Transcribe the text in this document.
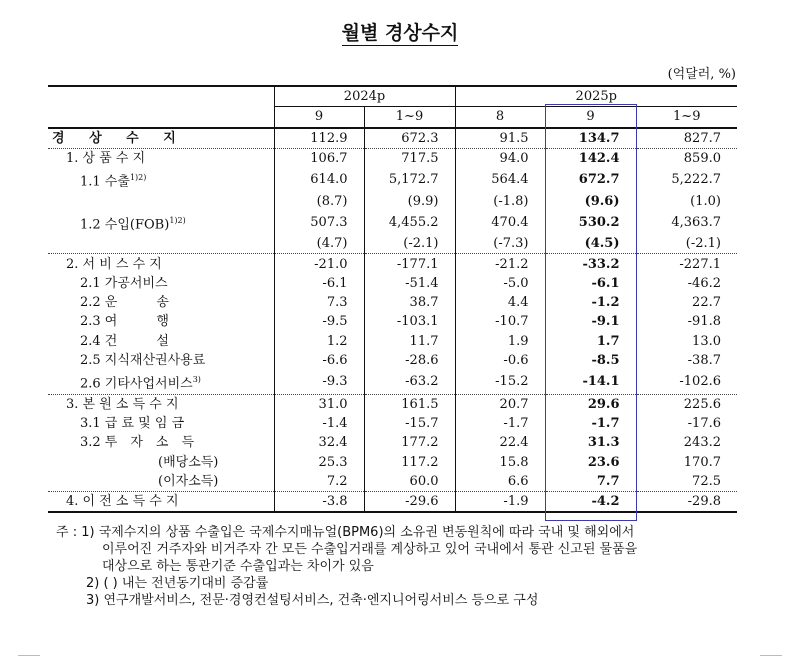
월별 경상수지
(억달러, %)
	2024p		2025p		
	9	1~9	8	9	1~9
경 상 수 지	112.9	672.3	91.5	134.7	827.7
1. 상 품 수 지	106.7	717.5	94.0	142.4	859.0
1.1 수출$^{1)2)}$	614.0	5,172.7	564.4	672.7	5,222.7
	(8.7)	(9.9)	(-1.8)	(9.6)	(1.0)
1.2 수입(FOB)$^{1)2)}$	507.3	4,455.2	470.4	530.2	4,363.7
	(4.7)	(-2.1)	(-7.3)	(4.5)	(-2.1)
2. 서 비 스 수 지	-21.0	-177.1	-21.2	-33.2	-227.1
2.1 가공서비스	-6.1	-51.4	-5.0	-6.1	-46.2
2.2 운　　　송	7.3	38.7	4.4	-1.2	22.7
2.3 여　　　행	-9.5	-103.1	-10.7	-9.1	-91.8
2.4 건　　　설	1.2	11.7	1.9	1.7	13.0
2.5 지식재산권사용료	-6.6	-28.6	-0.6	-8.5	-38.7
2.6 기타사업서비스$^{3)}$	-9.3	-63.2	-15.2	-14.1	-102.6
3. 본 원 소 득 수 지	31.0	161.5	20.7	29.6	225.6
3.1 급 료 및 임 금	-1.4	-15.7	-1.7	-1.7	-17.6
3.2 투　자　소　득	32.4	177.2	22.4	31.3	243.2
(배당소득)	25.3	117.2	15.8	23.6	170.7
(이자소득)	7.2	60.0	6.6	7.7	72.5
4. 이 전 소 득 수 지	-3.8	-29.6	-1.9	-4.2	-29.8
주 : 1) 국제수지의 상품 수출입은 국제수지매뉴얼(BPM6)의 소유권 변동원칙에 따라 국내 및 해외에서
이루어진 거주자와 비거주자 간 모든 수출입거래를 계상하고 있어 국내에서 통관 신고된 물품을
대상으로 하는 통관기준 수출입과는 차이가 있음
2) ( ) 내는 전년동기대비 증감률
3) 연구개발서비스, 전문·경영컨설팅서비스, 건축·엔지니어링서비스 등으로 구성
